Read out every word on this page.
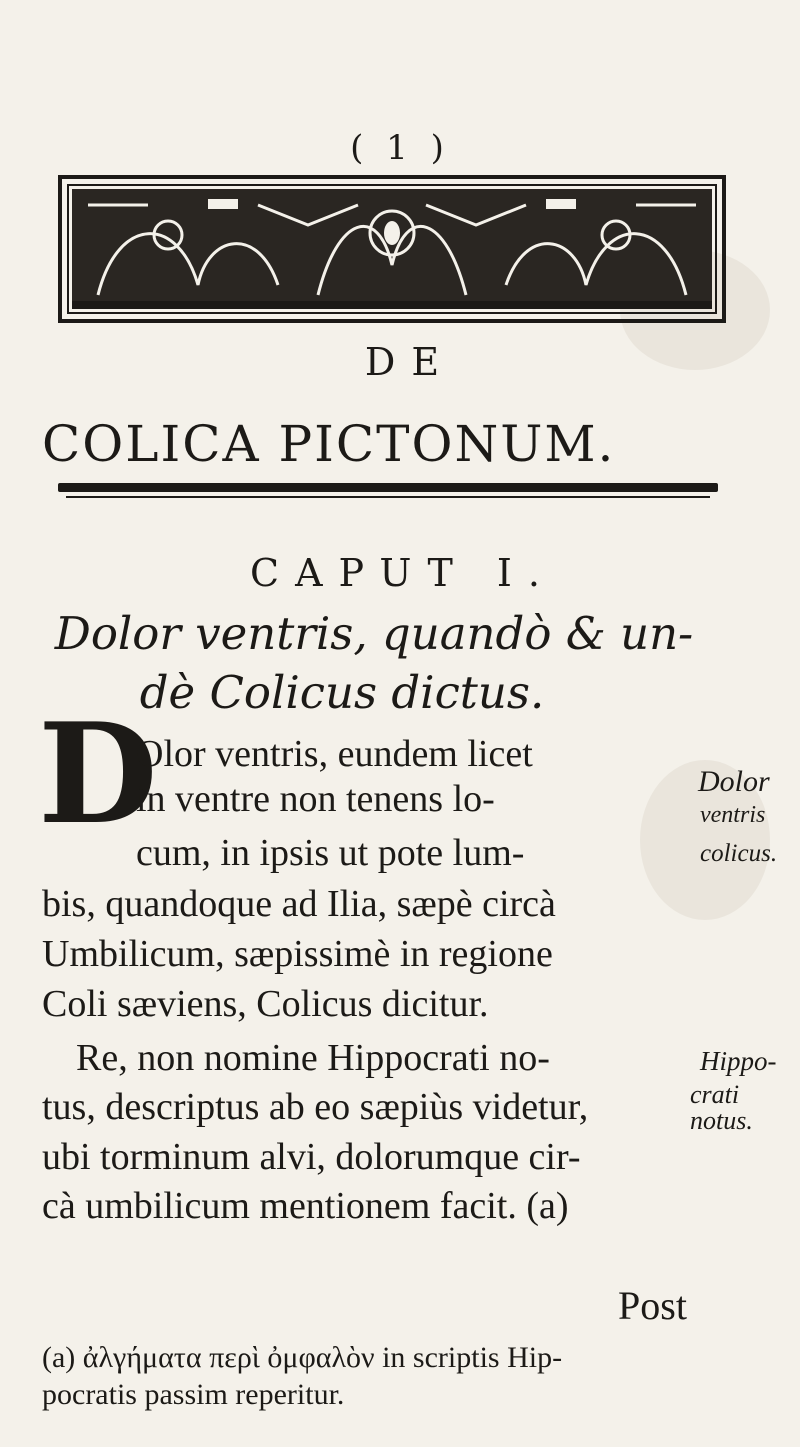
( 1 )
DE
COLICA PICTONUM.
CAPUT I.
Dolor ventris, quandò & un-
dè Colicus dictus.
D
Olor ventris, eundem licet
in ventre non tenens lo-
cum, in ipsis ut pote lum-
bis, quandoque ad Ilia, sæpè circà
Umbilicum, sæpissimè in regione
Coli sæviens, Colicus dicitur.
Re, non nomine Hippocrati no-
tus, descriptus ab eo sæpiùs videtur,
ubi torminum alvi, dolorumque cir-
cà umbilicum mentionem facit. (a)
Dolor
ventris
colicus.
Hippo-
crati
notus.
Post
(a) ἀλγήματα περὶ ὀμφαλὸν in scriptis Hip-
pocratis passim reperitur.
